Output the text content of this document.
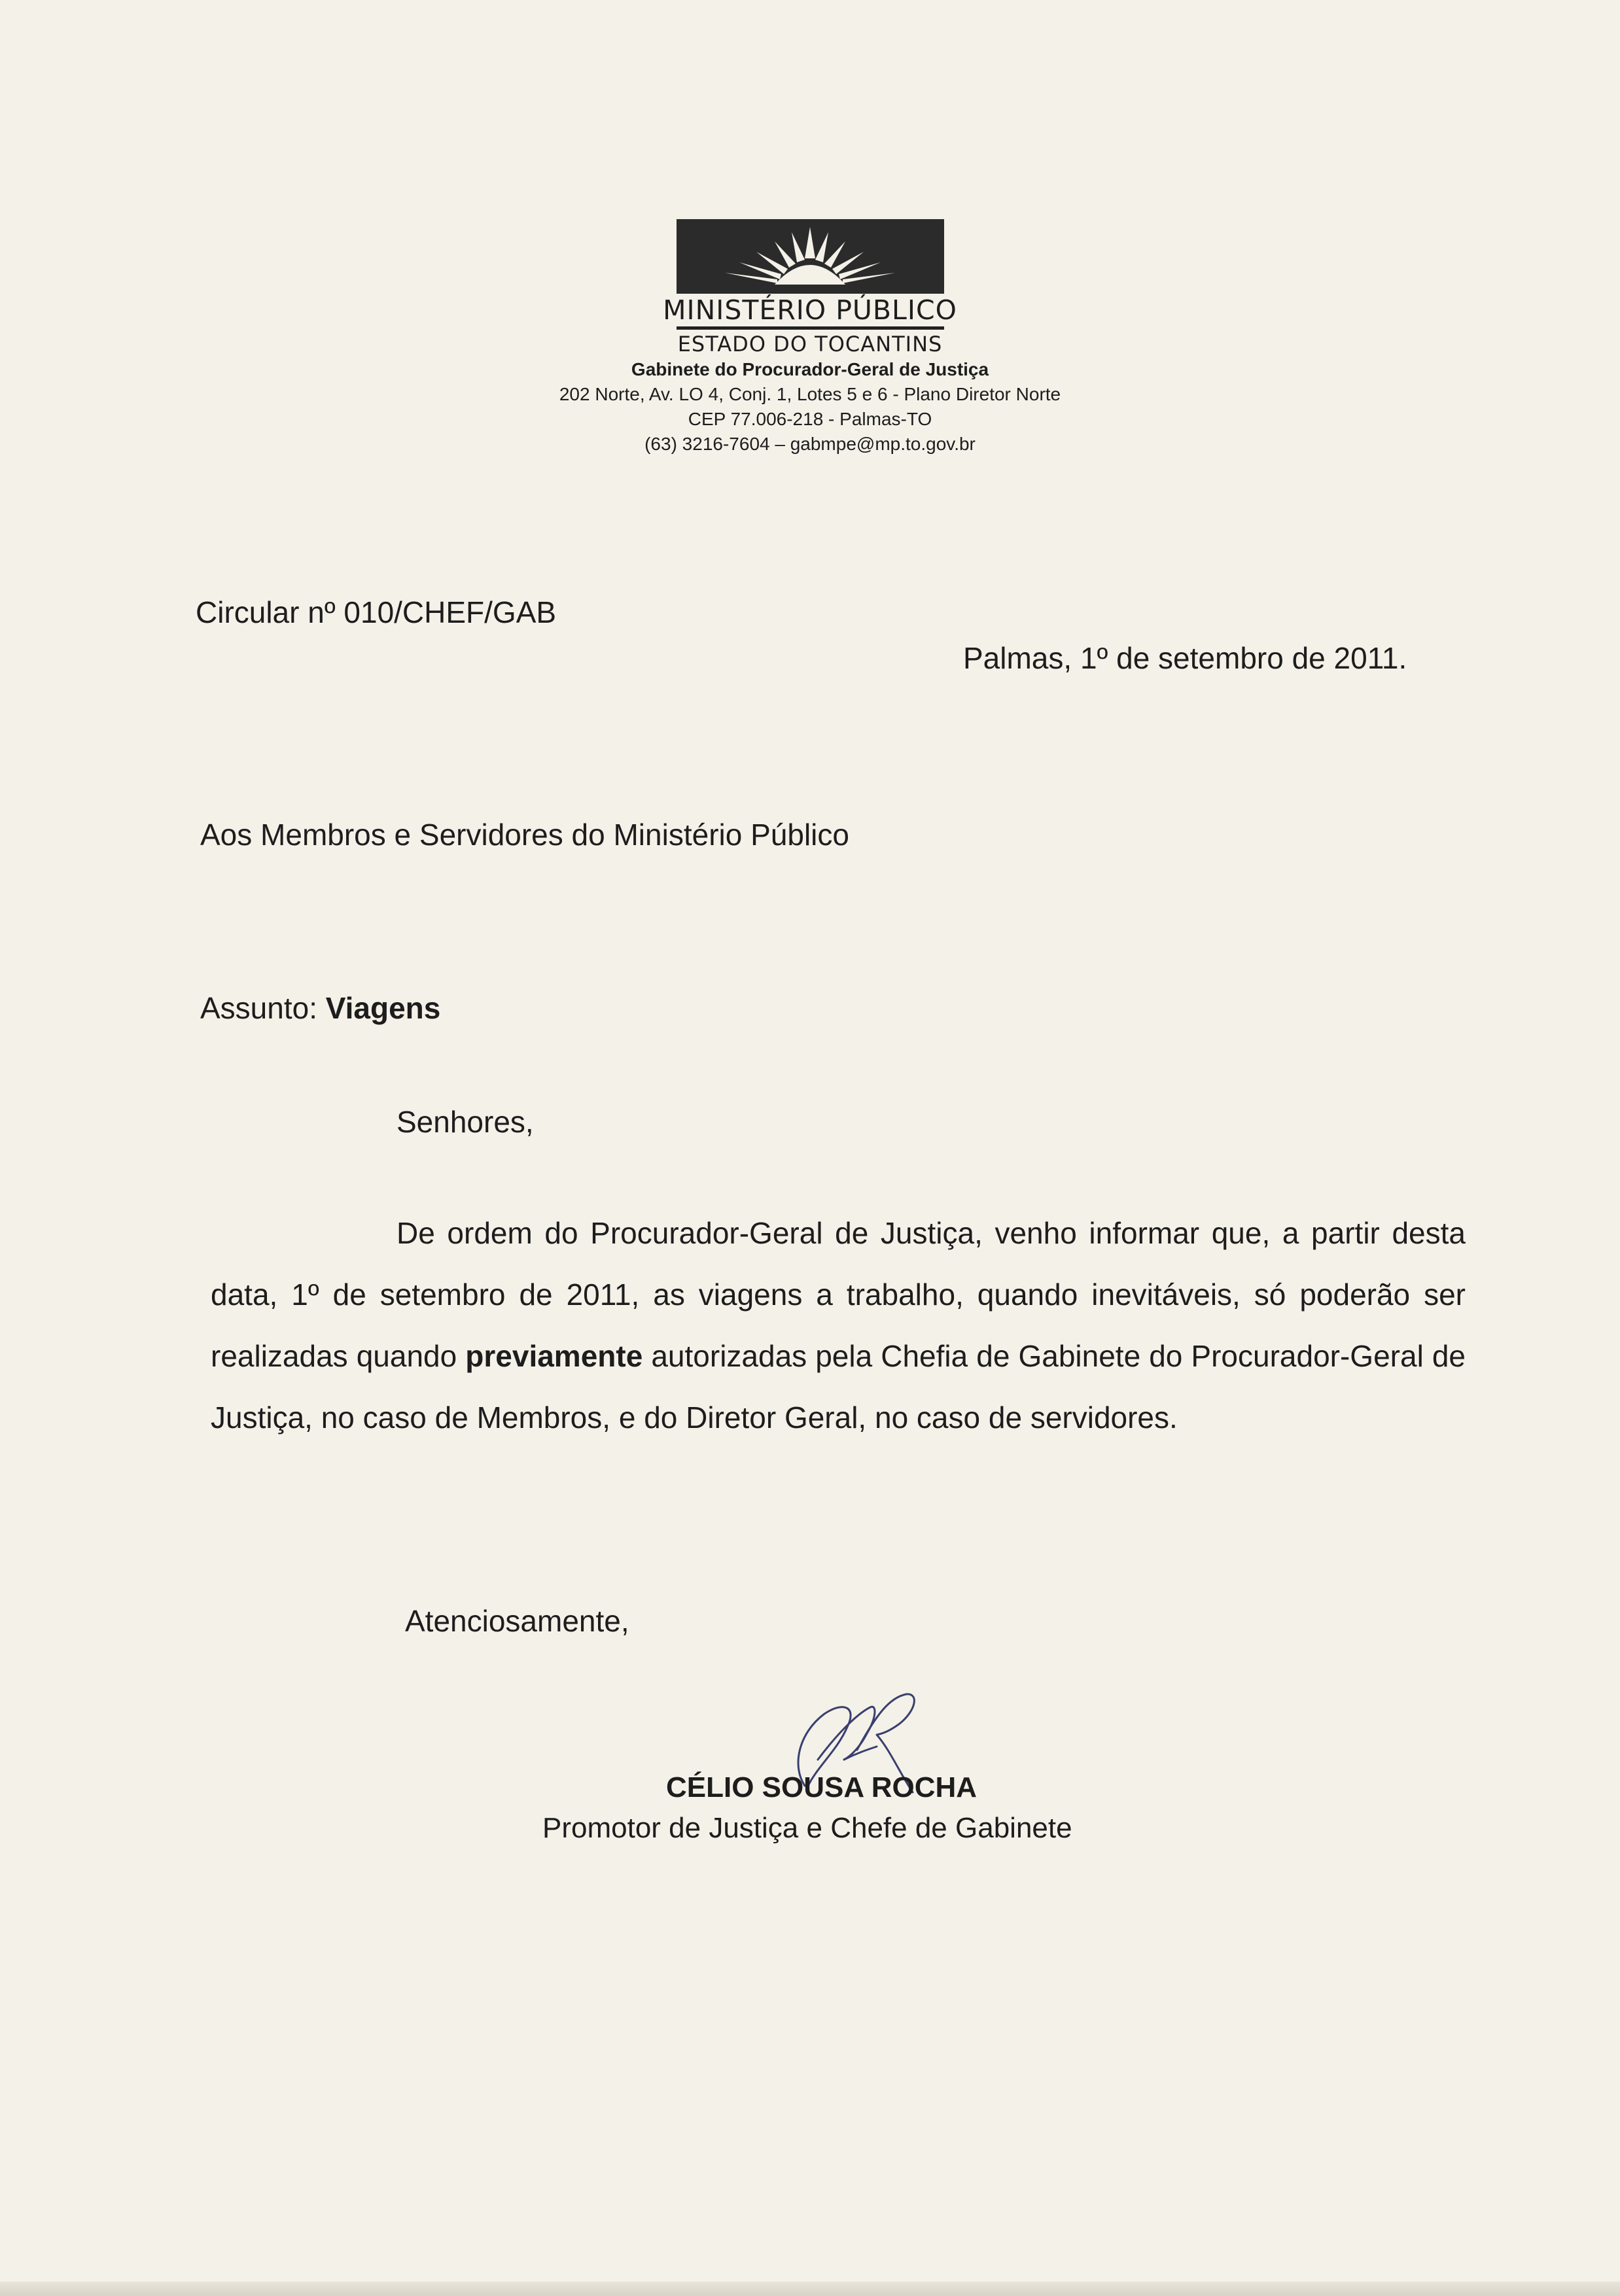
MINISTÉRIO PÚBLICO
ESTADO DO TOCANTINS
Gabinete do Procurador-Geral de Justiça
202 Norte, Av. LO 4, Conj. 1, Lotes 5 e 6 - Plano Diretor Norte
CEP 77.006-218 - Palmas-TO
(63) 3216-7604 – gabmpe@mp.to.gov.br
Circular nº 010/CHEF/GAB
Palmas, 1º de setembro de 2011.
Aos Membros e Servidores do Ministério Público
Assunto: Viagens
Senhores,
De ordem do Procurador-Geral de Justiça, venho informar que, a partir desta data, 1º de setembro de 2011, as viagens a trabalho, quando inevitáveis, só poderão ser realizadas quando previamente autorizadas pela Chefia de Gabinete do Procurador-Geral de Justiça, no caso de Membros, e do Diretor Geral, no caso de servidores.
Atenciosamente,
CÉLIO SOUSA ROCHA
Promotor de Justiça e Chefe de Gabinete
